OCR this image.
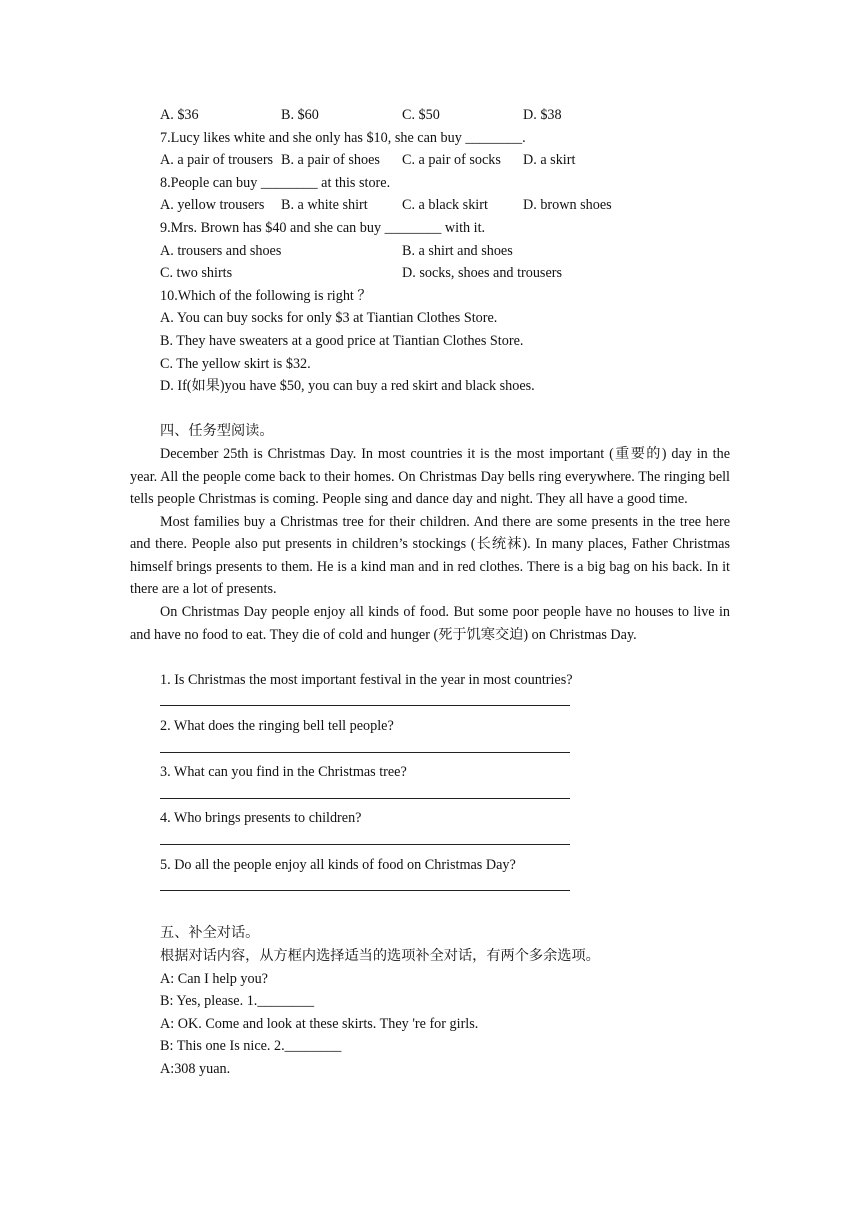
A. $36	B. $60	C. $50	D. $38
7.Lucy likes white and she only has $10, she can buy ________.
A. a pair of trousers B. a pair of shoes	C. a pair of socks	D. a skirt
8.People can buy ________ at this store.
A. yellow trousers	B. a white shirt	C. a black skirt	D. brown shoes
9.Mrs. Brown has $40 and she can buy ________ with it.
A. trousers and shoes	B. a shirt and shoes
C. two shirts	D. socks, shoes and trousers
10.Which of the following is right ？
A. You can buy socks for only $3 at Tiantian Clothes Store.
B. They have sweaters at a good price at Tiantian Clothes Store.
C. The yellow skirt is $32.
D. If(如果)you have $50, you can buy a red skirt and black shoes.
四、任务型阅读。
December 25th is Christmas Day. In most countries it is the most important (重要的) day in the year. All the people come back to their homes. On Christmas Day bells ring everywhere. The ringing bell tells people Christmas is coming. People sing and dance day and night. They all have a good time.
Most families buy a Christmas tree for their children. And there are some presents in the tree here and there. People also put presents in children’s stockings (长统袜). In many places, Father Christmas himself brings presents to them. He is a kind man and in red clothes. There is a big bag on his back. In it there are a lot of presents.
On Christmas Day people enjoy all kinds of food. But some poor people have no houses to live in and have no food to eat. They die of cold and hunger (死于饥寒交迫) on Christmas Day.
1. Is Christmas the most important festival in the year in most countries?
2. What does the ringing bell tell people?
3. What can you find in the Christmas tree?
4. Who brings presents to children?
5. Do all the people enjoy all kinds of food on Christmas Day?
五、补全对话。
根据对话内容，从方框内选择适当的选项补全对话，有两个多余选项。
A: Can I help you?
B: Yes, please. 1.________
A: OK. Come and look at these skirts. They 're for girls.
B: This one Is nice. 2.________
A:308 yuan.
